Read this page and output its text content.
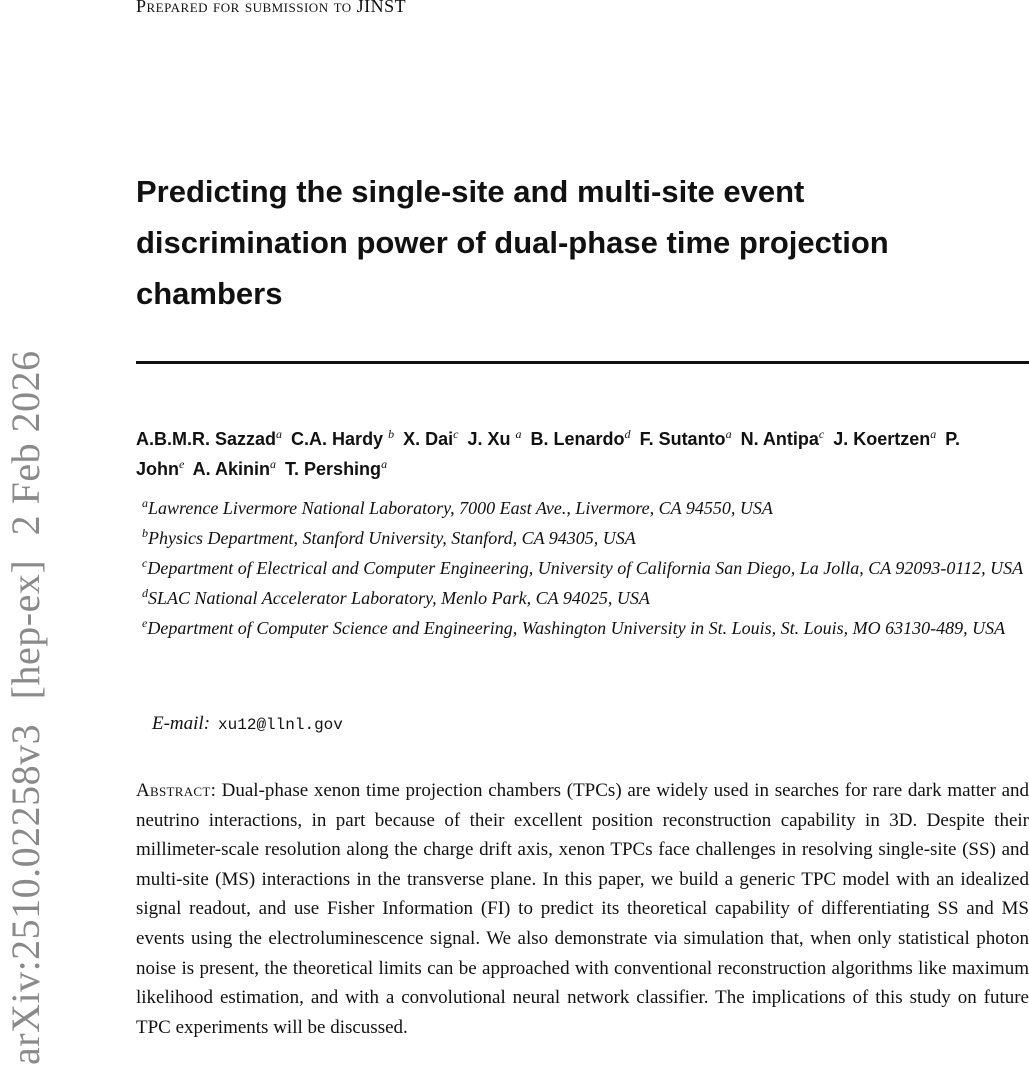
arXiv:2510.02258v3 [hep-ex] 2 Feb 2026
Prepared for submission to JINST
Predicting the single-site and multi-site event discrimination power of dual-phase time projection chambers
A.B.M.R. Sazzad$^a$ C.A. Hardy $^b$ X. Dai$^c$ J. Xu $^a$ B. Lenardo$^d$ F. Sutanto$^a$ N. Antipa$^c$ J. Koertzen$^a$ P. John$^e$ A. Akinin$^a$ T. Pershing$^a$
$^a$Lawrence Livermore National Laboratory, 7000 East Ave., Livermore, CA 94550, USA
$^b$Physics Department, Stanford University, Stanford, CA 94305, USA
$^c$Department of Electrical and Computer Engineering, University of California San Diego, La Jolla, CA 92093-0112, USA
$^d$SLAC National Accelerator Laboratory, Menlo Park, CA 94025, USA
$^e$Department of Computer Science and Engineering, Washington University in St. Louis, St. Louis, MO 63130-489, USA
E-mail: xu12@llnl.gov
Abstract: Dual-phase xenon time projection chambers (TPCs) are widely used in searches for rare dark matter and neutrino interactions, in part because of their excellent position reconstruction capability in 3D. Despite their millimeter-scale resolution along the charge drift axis, xenon TPCs face challenges in resolving single-site (SS) and multi-site (MS) interactions in the transverse plane. In this paper, we build a generic TPC model with an idealized signal readout, and use Fisher Information (FI) to predict its theoretical capability of differentiating SS and MS events using the electroluminescence signal. We also demonstrate via simulation that, when only statistical photon noise is present, the theoretical limits can be approached with conventional reconstruction algorithms like maximum likelihood estimation, and with a convolutional neural network classifier. The implications of this study on future TPC experiments will be discussed.
